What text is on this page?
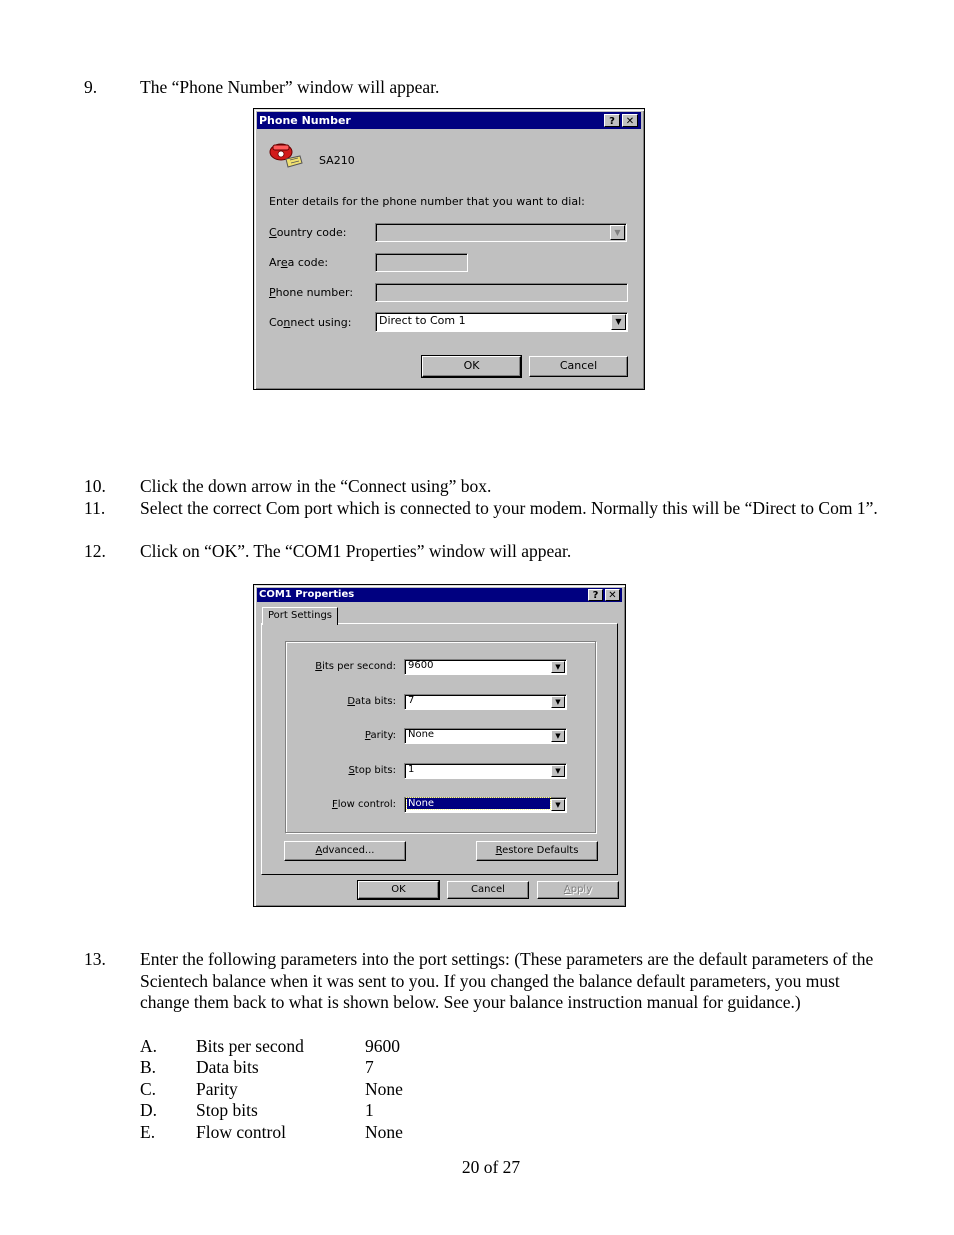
9. The “Phone Number” window will appear.
Phone Number	?	✕
SA210
Enter details for the phone number that you want to dial:
Country code:	▼
Area code:
Phone number:
Connect using:	Direct to Com 1	▼
OK	Cancel
10. Click the down arrow in the “Connect using” box.
11. Select the correct Com port which is connected to your modem. Normally this will be “Direct to Com 1”.
12. Click on “OK”. The “COM1 Properties” window will appear.
COM1 Properties	? ✕
Port Settings
Bits per second: 9600	▼
Data bits: 7	▼
Parity: None	▼
Stop bits: 1	▼
Flow control: None	▼
Advanced...	Restore Defaults
OK	Cancel	Apply
13. Enter the following parameters into the port settings: (These parameters are the default parameters of the Scientech balance when it was sent to you. If you changed the balance default parameters, you must change them back to what is shown below. See your balance instruction manual for guidance.)
A. Bits per second	9600
B. Data bits	7
C. Parity	None
D. Stop bits	1
E. Flow control	None
20 of 27
